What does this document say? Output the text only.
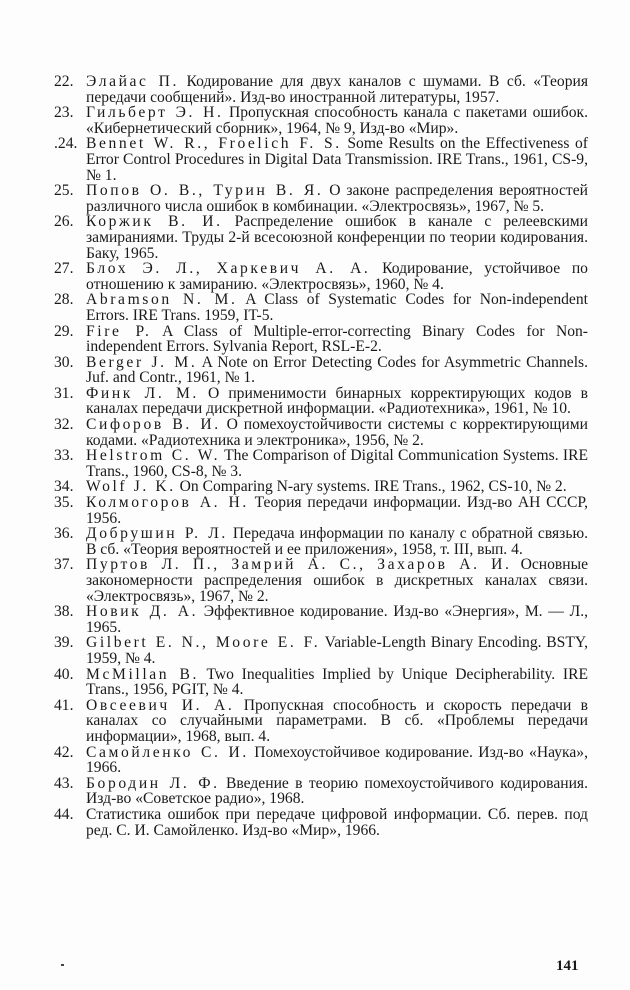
22. Элайас П. Кодирование для двух каналов с шумами. В сб. «Теория передачи сообщений». Изд-во иностранной литературы, 1957.
23. Гильберт Э. Н. Пропускная способность канала с пакетами ошибок. «Кибернетический сборник», 1964, № 9, Изд-во «Мир».
.24. Bennet W. R., Froelich F. S. Some Results on the Effectiveness of Error Control Procedures in Digital Data Transmission. IRE Trans., 1961, CS-9, № 1.
25. Попов О. В., Турин В. Я. О законе распределения вероятностей различного числа ошибок в комбинации. «Электросвязь», 1967, № 5.
26. Коржик В. И. Распределение ошибок в канале с релеевскими замираниями. Труды 2-й всесоюзной конференции по теории кодирования. Баку, 1965.
27. Блох Э. Л., Харкевич А. А. Кодирование, устойчивое по отношению к замиранию. «Электросвязь», 1960, № 4.
28. Abramson N. M. A Class of Systematic Codes for Non-independent Errors. IRE Trans. 1959, IT-5.
29. Fire P. A Class of Multiple-error-correcting Binary Codes for Non-independent Errors. Sylvania Report, RSL-E-2.
30. Berger J. M. A Note on Error Detecting Codes for Asymmetric Channels. Juf. and Contr., 1961, № 1.
31. Финк Л. М. О применимости бинарных корректирующих кодов в каналах передачи дискретной информации. «Радиотехника», 1961, № 10.
32. Сифоров В. И. О помехоустойчивости системы с корректирующими кодами. «Радиотехника и электроника», 1956, № 2.
33. Helstrom C. W. The Comparison of Digital Communication Systems. IRE Trans., 1960, CS-8, № 3.
34. Wolf J. K. On Comparing N-ary systems. IRE Trans., 1962, CS-10, № 2.
35. Колмогоров А. Н. Теория передачи информации. Изд-во АН СССР, 1956.
36. Добрушин Р. Л. Передача информации по каналу с обратной связью. В сб. «Теория вероятностей и ее приложения», 1958, т. III, вып. 4.
37. Пуртов Л. П., Замрий А. С., Захаров А. И. Основные закономерности распределения ошибок в дискретных каналах связи. «Электросвязь», 1967, № 2.
38. Новик Д. А. Эффективное кодирование. Изд-во «Энергия», М. — Л., 1965.
39. Gilbert E. N., Moore E. F. Variable-Length Binary Encoding. BSTY, 1959, № 4.
40. McMillan B. Two Inequalities Implied by Unique Decipherability. IRE Trans., 1956, PGIT, № 4.
41. Овсеевич И. А. Пропускная способность и скорость передачи в каналах со случайными параметрами. В сб. «Проблемы передачи информации», 1968, вып. 4.
42. Самойленко С. И. Помехоустойчивое кодирование. Изд-во «Наука», 1966.
43. Бородин Л. Ф. Введение в теорию помехоустойчивого кодирования. Изд-во «Советское радио», 1968.
44. Статистика ошибок при передаче цифровой информации. Сб. перев. под ред. С. И. Самойленко. Изд-во «Мир», 1966.
141
